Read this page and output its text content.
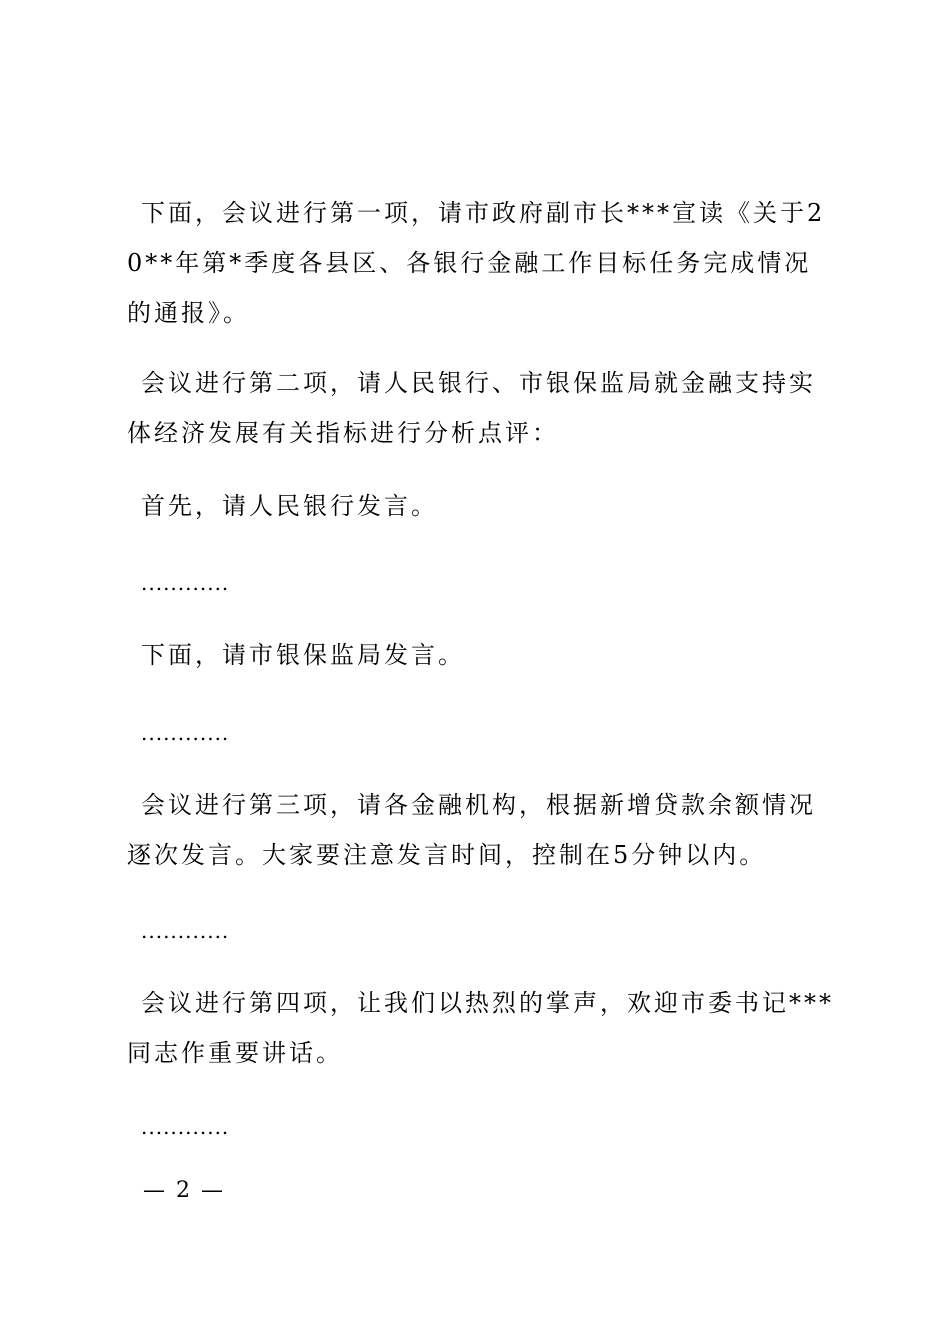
下面，会议进行第一项，请市政府副市长***宣读《关于20**年第*季度各县区、各银行金融工作目标任务完成情况的通报》。

会议进行第二项，请人民银行、市银保监局就金融支持实体经济发展有关指标进行分析点评：

首先，请人民银行发言。

............

下面，请市银保监局发言。

............

会议进行第三项，请各金融机构，根据新增贷款余额情况逐次发言。大家要注意发言时间，控制在5分钟以内。

............

会议进行第四项，让我们以热烈的掌声，欢迎市委书记***同志作重要讲话。

............
— 2 —
